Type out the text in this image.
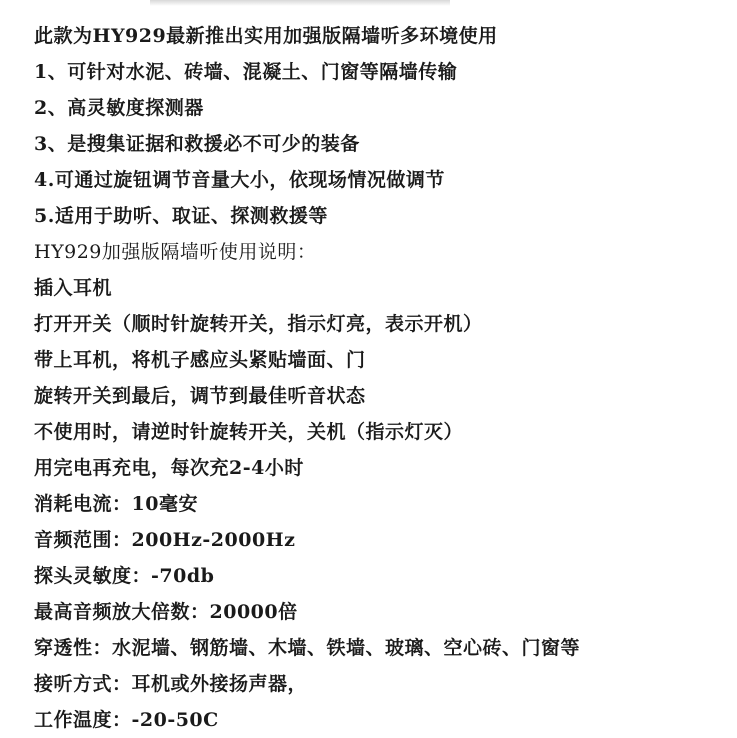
此款为HY929最新推出实用加强版隔墙听多环境使用
1、可针对水泥、砖墙、混凝土、门窗等隔墙传输
2、高灵敏度探测器
3、是搜集证据和救援必不可少的装备
4.可通过旋钮调节音量大小，依现场情况做调节
5.适用于助听、取证、探测救援等
HY929加强版隔墙听使用说明：
插入耳机
打开开关（顺时针旋转开关，指示灯亮，表示开机）
带上耳机，将机子感应头紧贴墙面、门
旋转开关到最后，调节到最佳听音状态
不使用时，请逆时针旋转开关，关机（指示灯灭）
用完电再充电，每次充2-4小时
消耗电流：10毫安
音频范围：200Hz-2000Hz
探头灵敏度：-70db
最高音频放大倍数：20000倍
穿透性：水泥墙、钢筋墙、木墙、铁墙、玻璃、空心砖、门窗等
接听方式：耳机或外接扬声器，
工作温度：-20-50C
